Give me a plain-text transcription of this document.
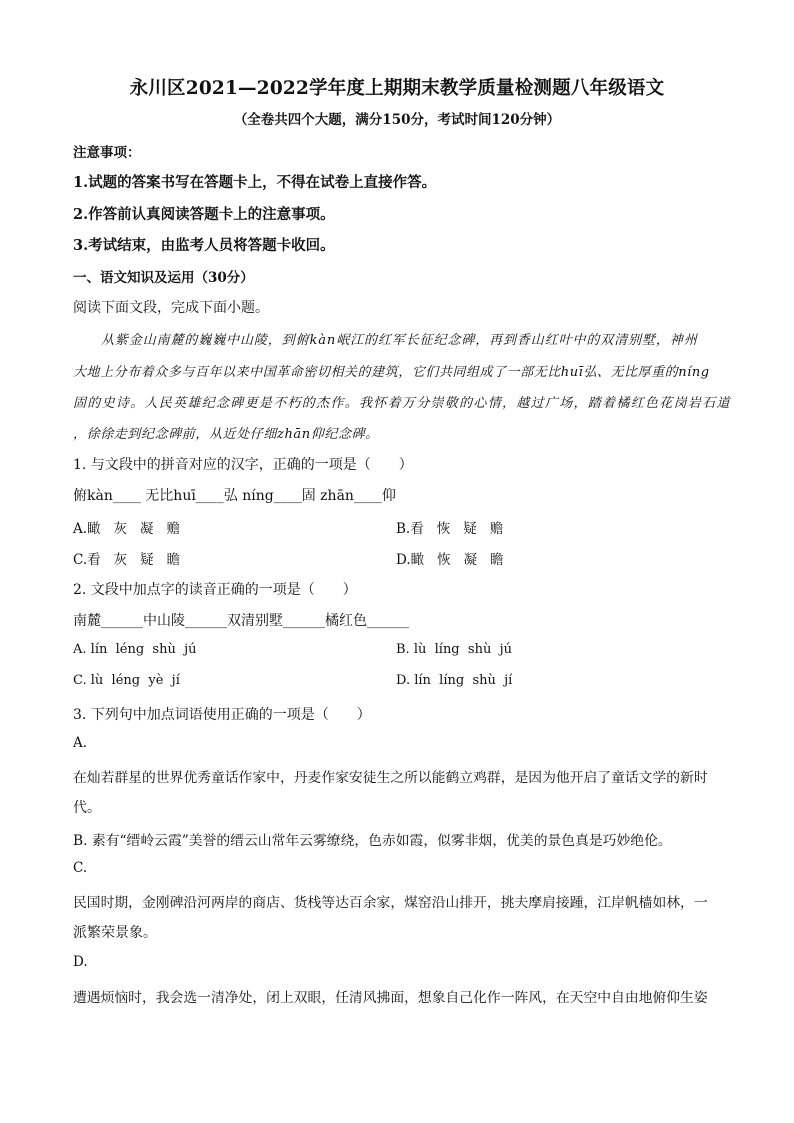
永川区2021—2022学年度上期期末教学质量检测题八年级语文
（全卷共四个大题，满分150分，考试时间120分钟）
注意事项：
1.试题的答案书写在答题卡上，不得在试卷上直接作答。
2.作答前认真阅读答题卡上的注意事项。
3.考试结束，由监考人员将答题卡收回。
一、语文知识及运用（30分）
阅读下面文段，完成下面小题。
从紫金山南麓的巍巍中山陵，到俯kàn岷江的红军长征纪念碑，再到香山红叶中的双清别墅，神州
大地上分布着众多与百年以来中国革命密切相关的建筑，它们共同组成了一部无比huī弘、无比厚重的níng
固的史诗。人民英雄纪念碑更是不朽的杰作。我怀着万分崇敬的心情，越过广场，踏着橘红色花岗岩石道
，徐徐走到纪念碑前，从近处仔细zhān仰纪念碑。
1. 与文段中的拼音对应的汉字，正确的一项是（　　）
俯kàn____ 无比huī____弘 níng____固 zhān____仰
A.瞰 灰 凝 赡	B.看 恢 疑 赡
C.看 灰 疑 瞻	D.瞰 恢 凝 瞻
2. 文段中加点字的读音正确的一项是（　　）
南麓______中山陵______双清别墅______橘红色______
A. lín  léng  shù  jú	B. lù  líng  shù  jú
C. lù  léng  yè  jí	D. lín  líng  shù  jí
3. 下列句中加点词语使用正确的一项是（　　）
A.
在灿若群星的世界优秀童话作家中，丹麦作家安徒生之所以能鹤立鸡群，是因为他开启了童话文学的新时
代。
B. 素有“缙岭云霞”美誉的缙云山常年云雾缭绕，色赤如霞，似雾非烟，优美的景色真是巧妙绝伦。
C.
民国时期，金刚碑沿河两岸的商店、货栈等达百余家，煤窑沿山排开，挑夫摩肩接踵，江岸帆樯如林，一
派繁荣景象。
D.
遭遇烦恼时，我会选一清净处，闭上双眼，任清风拂面，想象自己化作一阵风，在天空中自由地俯仰生姿
